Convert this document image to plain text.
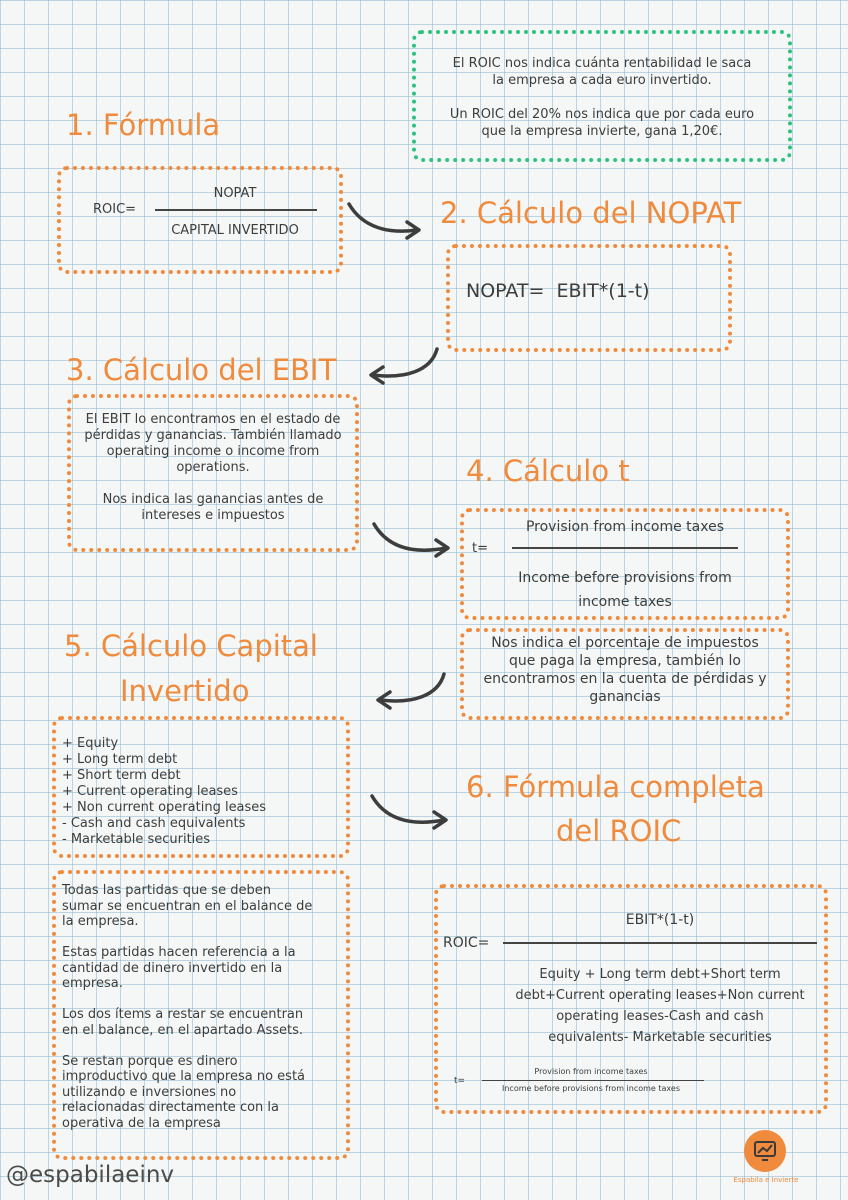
El ROIC nos indica cuánta rentabilidad le saca
la empresa a cada euro invertido.
Un ROIC del 20% nos indica que por cada euro
que la empresa invierte, gana 1,20€.
1. Fórmula
ROIC=
NOPAT
CAPITAL INVERTIDO
2. Cálculo del NOPAT
NOPAT=  EBIT*(1-t)
3. Cálculo del EBIT
El EBIT lo encontramos en el estado de
pérdidas y ganancias. También llamado
operating income o income from
operations.
Nos indica las ganancias antes de
intereses e impuestos
4. Cálculo t
t=
Provision from income taxes
Income before provisions from
income taxes
Nos indica el porcentaje de impuestos
que paga la empresa, también lo
encontramos en la cuenta de pérdidas y
ganancias
5. Cálculo Capital
Invertido
+ Equity
+ Long term debt
+ Short term debt
+ Current operating leases
+ Non current operating leases
- Cash and cash equivalents
- Marketable securities
Todas las partidas que se deben
sumar se encuentran en el balance de
la empresa.
Estas partidas hacen referencia a la
cantidad de dinero invertido en la
empresa.
Los dos ítems a restar se encuentran
en el balance, en el apartado Assets.
Se restan porque es dinero
improductivo que la empresa no está
utilizando e inversiones no
relacionadas directamente con la
operativa de la empresa
6. Fórmula completa
del ROIC
ROIC=
EBIT*(1-t)
Equity + Long term debt+Short term
debt+Current operating leases+Non current
operating leases-Cash and cash
equivalents- Marketable securities
t=
Provision from income taxes
Income before provisions from income taxes
@espabilaeinv	Espabila e Invierte
